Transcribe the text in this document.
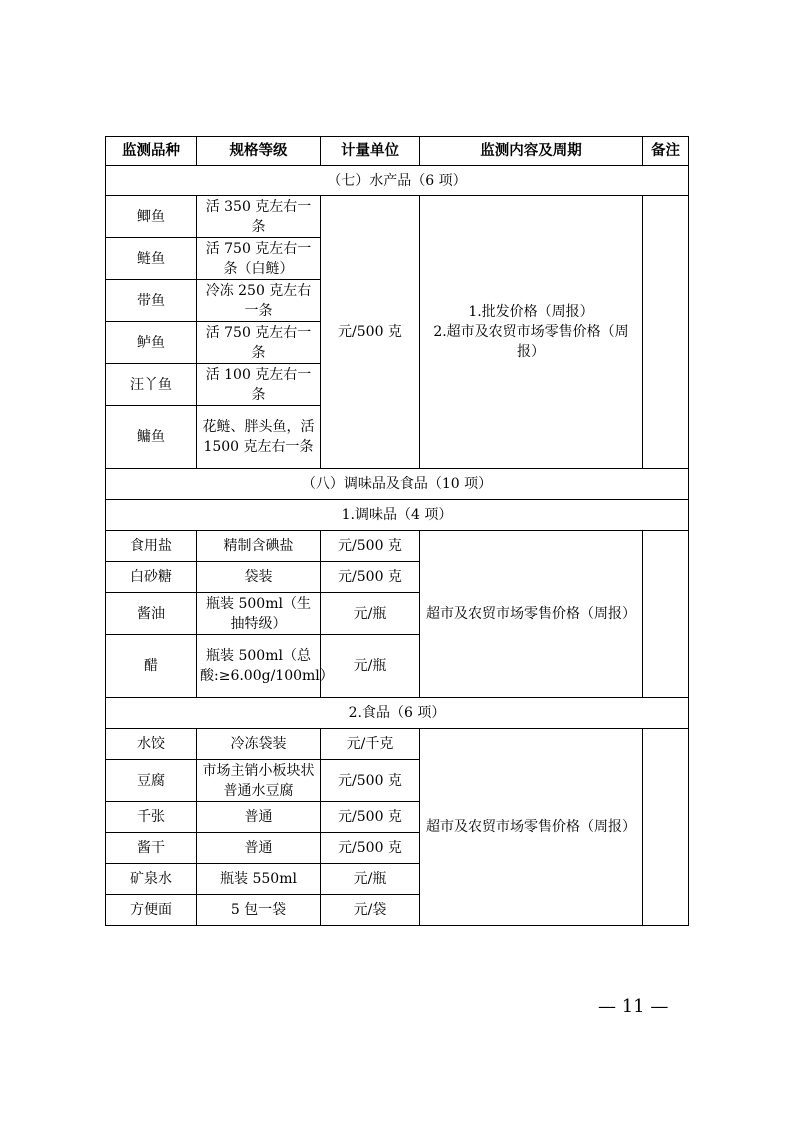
监测品种	规格等级	计量单位	监测内容及周期	备注
（七）水产品（6 项）				
鲫鱼	活 350 克左右一条	元/500 克	1.批发价格（周报）
2.超市及农贸市场零售价格（周报）	
鲢鱼	活 750 克左右一条（白鲢）			
带鱼	冷冻 250 克左右一条			
鲈鱼	活 750 克左右一条			
汪丫鱼	活 100 克左右一条			
鳙鱼	花鲢、胖头鱼，活 1500 克左右一条			
（八）调味品及食品（10 项）				
1.调味品（4 项）				
食用盐	精制含碘盐	元/500 克	超市及农贸市场零售价格（周报）	
白砂糖	袋装	元/500 克		
酱油	瓶装 500ml（生抽特级）	元/瓶		
醋	瓶装 500ml（总酸:≥6.00g/100ml）	元/瓶		
2.食品（6 项）				
水饺	冷冻袋装	元/千克	超市及农贸市场零售价格（周报）	
豆腐	市场主销小板块状普通水豆腐	元/500 克		
千张	普通	元/500 克		
酱干	普通	元/500 克		
矿泉水	瓶装 550ml	元/瓶		
方便面	5 包一袋	元/袋		
— 11 —
